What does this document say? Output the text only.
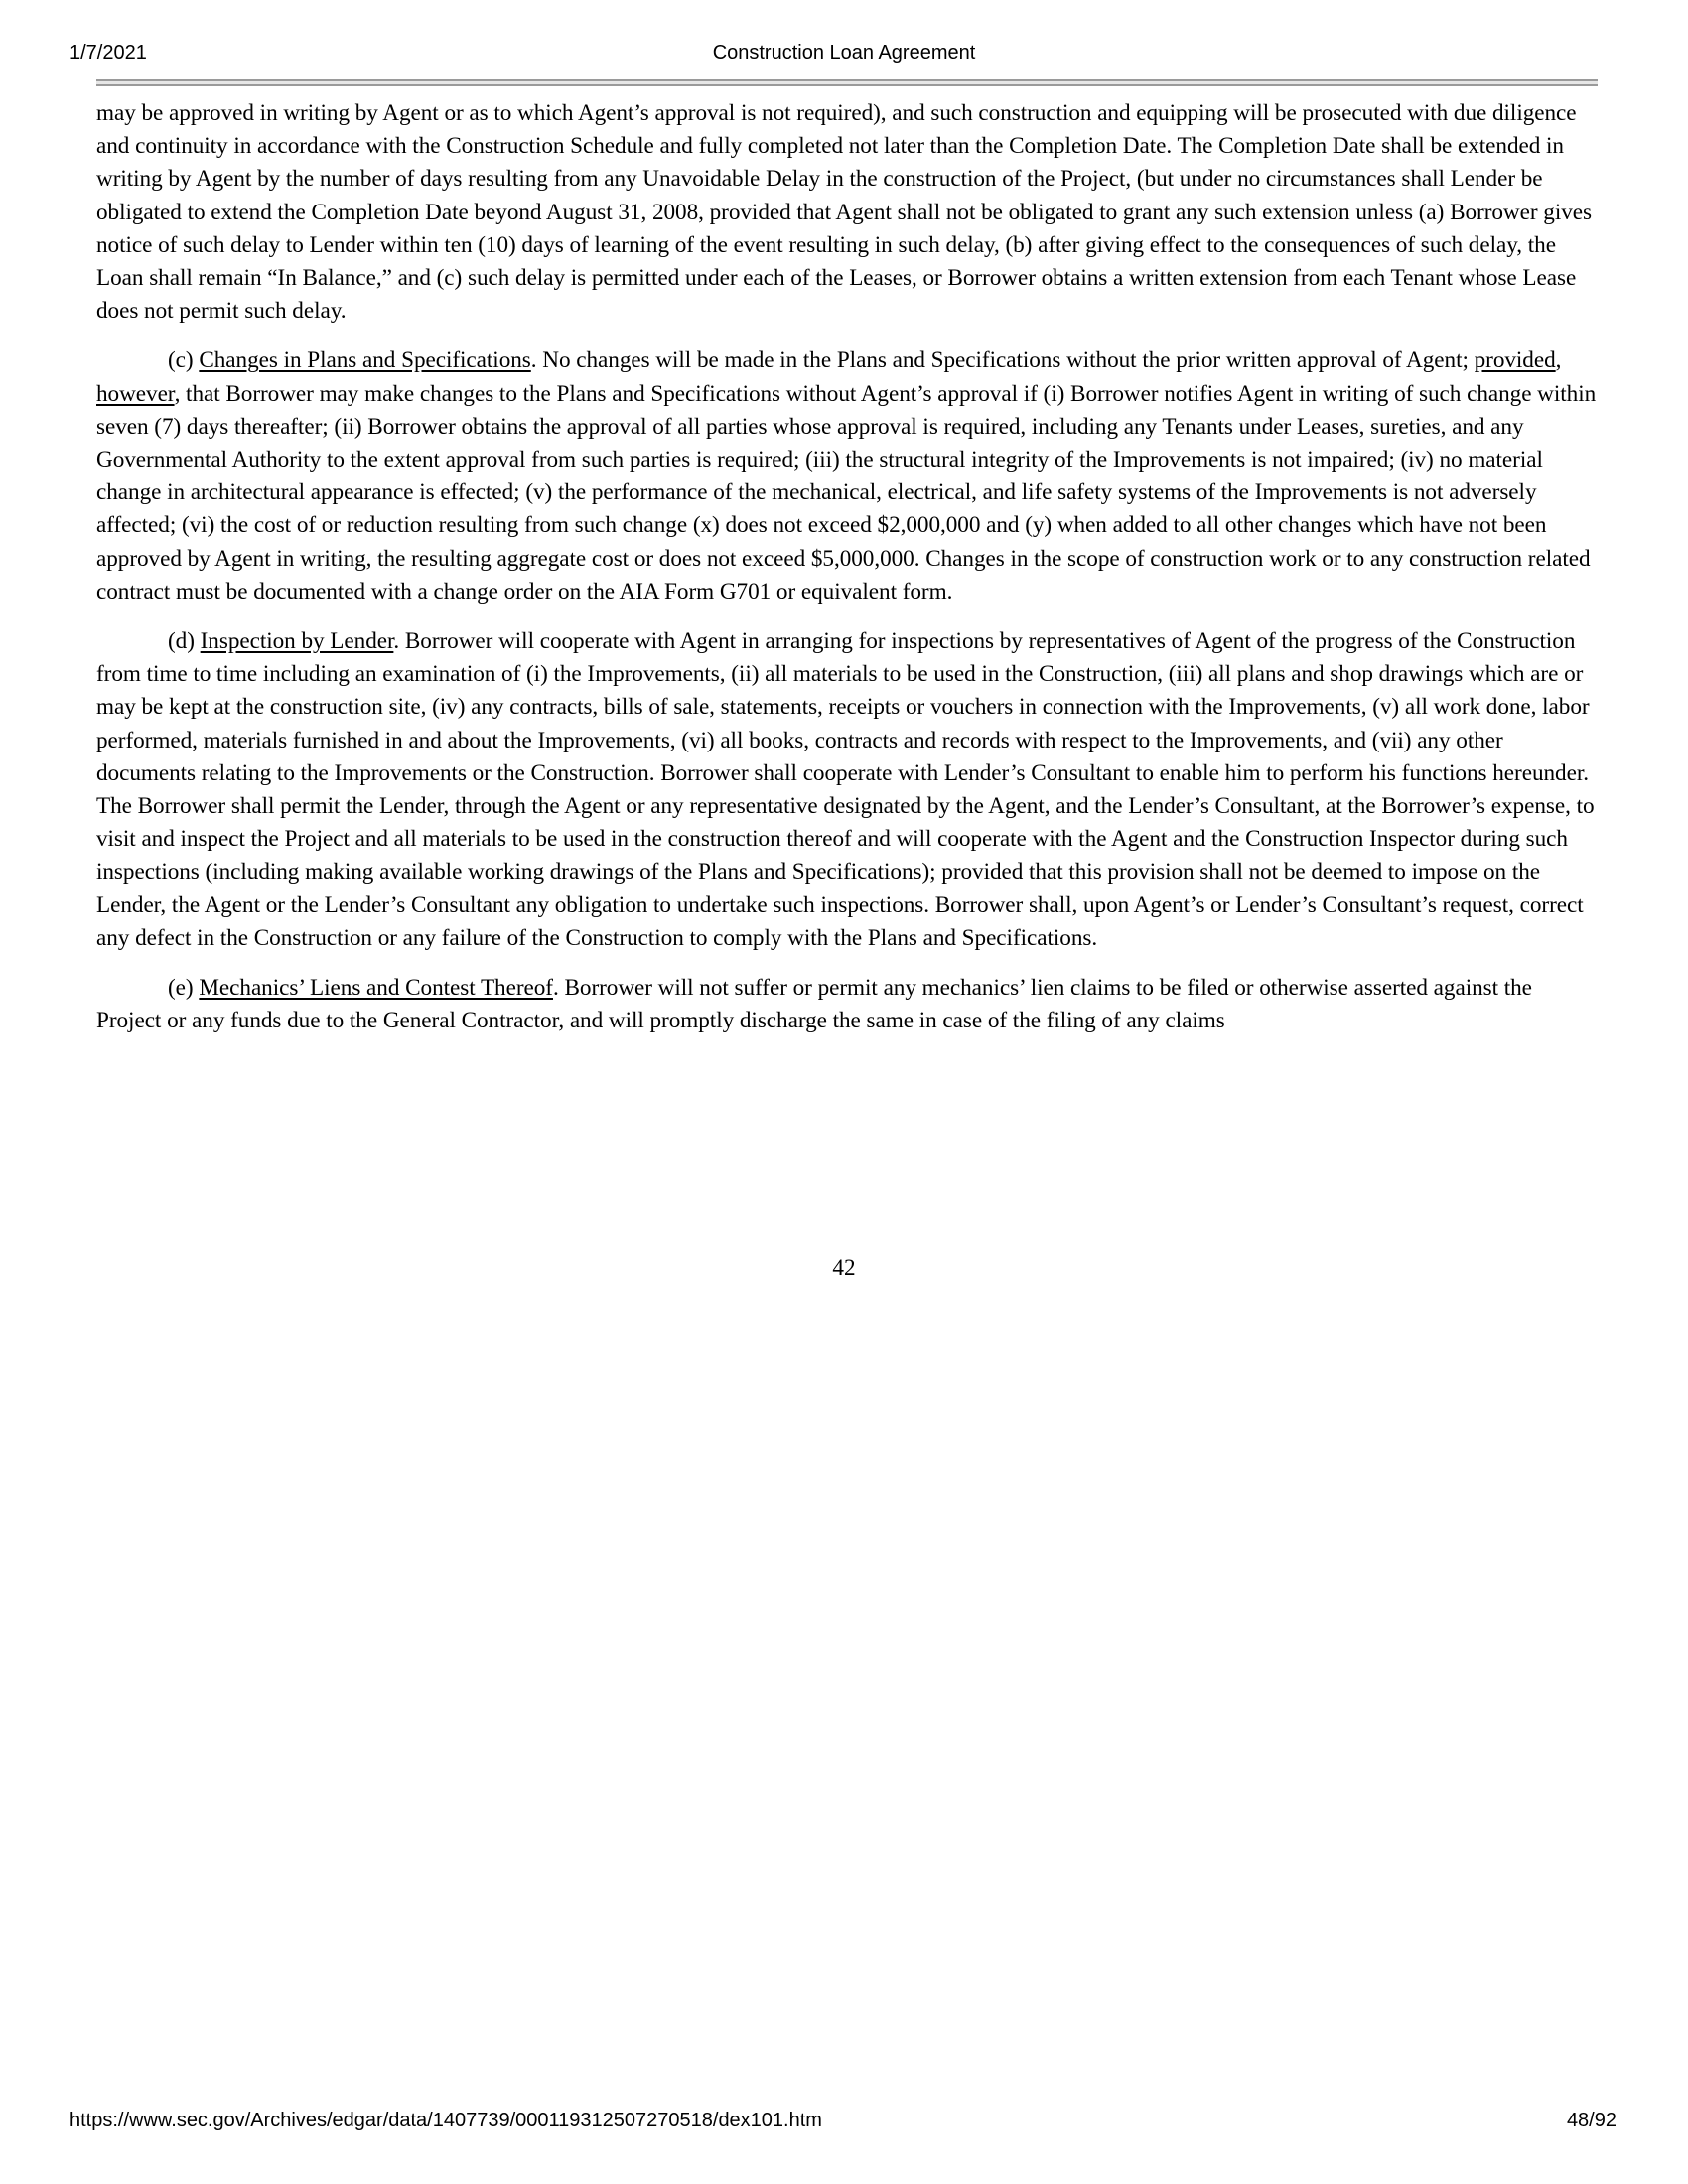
1/7/2021	Construction Loan Agreement

may be approved in writing by Agent or as to which Agent’s approval is not required), and such construction and equipping will be prosecuted with due diligence and continuity in accordance with the Construction Schedule and fully completed not later than the Completion Date. The Completion Date shall be extended in writing by Agent by the number of days resulting from any Unavoidable Delay in the construction of the Project, (but under no circumstances shall Lender be obligated to extend the Completion Date beyond August 31, 2008, provided that Agent shall not be obligated to grant any such extension unless (a) Borrower gives notice of such delay to Lender within ten (10) days of learning of the event resulting in such delay, (b) after giving effect to the consequences of such delay, the Loan shall remain “In Balance,” and (c) such delay is permitted under each of the Leases, or Borrower obtains a written extension from each Tenant whose Lease does not permit such delay.

(c) Changes in Plans and Specifications. No changes will be made in the Plans and Specifications without the prior written approval of Agent; provided, however, that Borrower may make changes to the Plans and Specifications without Agent’s approval if (i) Borrower notifies Agent in writing of such change within seven (7) days thereafter; (ii) Borrower obtains the approval of all parties whose approval is required, including any Tenants under Leases, sureties, and any Governmental Authority to the extent approval from such parties is required; (iii) the structural integrity of the Improvements is not impaired; (iv) no material change in architectural appearance is effected; (v) the performance of the mechanical, electrical, and life safety systems of the Improvements is not adversely affected; (vi) the cost of or reduction resulting from such change (x) does not exceed $2,000,000 and (y) when added to all other changes which have not been approved by Agent in writing, the resulting aggregate cost or does not exceed $5,000,000. Changes in the scope of construction work or to any construction related contract must be documented with a change order on the AIA Form G701 or equivalent form.

(d) Inspection by Lender. Borrower will cooperate with Agent in arranging for inspections by representatives of Agent of the progress of the Construction from time to time including an examination of (i) the Improvements, (ii) all materials to be used in the Construction, (iii) all plans and shop drawings which are or may be kept at the construction site, (iv) any contracts, bills of sale, statements, receipts or vouchers in connection with the Improvements, (v) all work done, labor performed, materials furnished in and about the Improvements, (vi) all books, contracts and records with respect to the Improvements, and (vii) any other documents relating to the Improvements or the Construction. Borrower shall cooperate with Lender’s Consultant to enable him to perform his functions hereunder. The Borrower shall permit the Lender, through the Agent or any representative designated by the Agent, and the Lender’s Consultant, at the Borrower’s expense, to visit and inspect the Project and all materials to be used in the construction thereof and will cooperate with the Agent and the Construction Inspector during such inspections (including making available working drawings of the Plans and Specifications); provided that this provision shall not be deemed to impose on the Lender, the Agent or the Lender’s Consultant any obligation to undertake such inspections. Borrower shall, upon Agent’s or Lender’s Consultant’s request, correct any defect in the Construction or any failure of the Construction to comply with the Plans and Specifications.

(e) Mechanics’ Liens and Contest Thereof. Borrower will not suffer or permit any mechanics’ lien claims to be filed or otherwise asserted against the Project or any funds due to the General Contractor, and will promptly discharge the same in case of the filing of any claims

42
https://www.sec.gov/Archives/edgar/data/1407739/000119312507270518/dex101.htm	48/92
